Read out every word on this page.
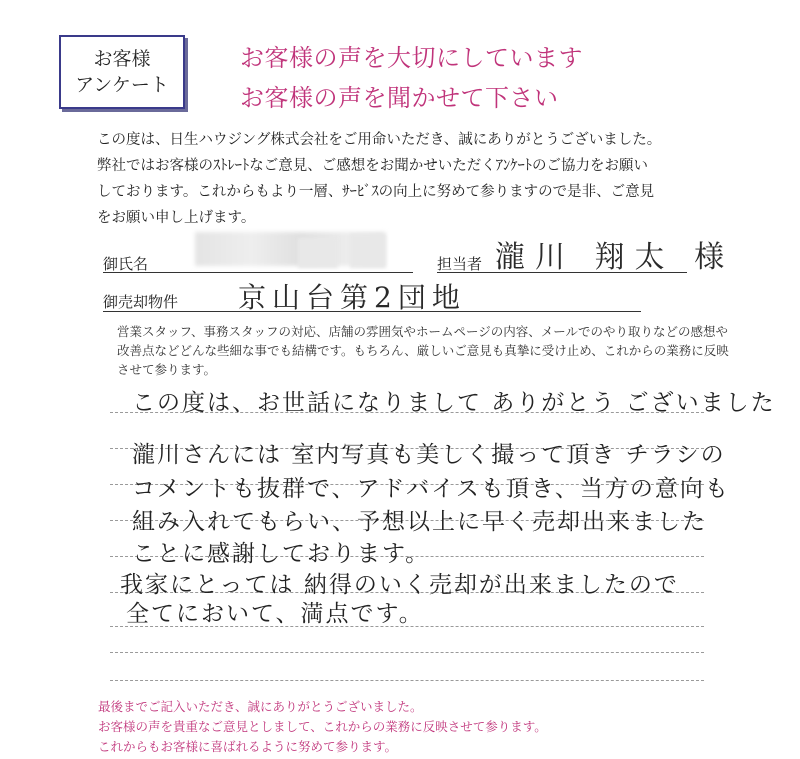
お客様
アンケート
お客様の声を大切にしています
お客様の声を聞かせて下さい
この度は、日生ハウジング株式会社をご用命いただき、誠にありがとうございました。
弊社ではお客様のｽﾄﾚｰﾄなご意見、ご感想をお聞かせいただくｱﾝｹｰﾄのご協力をお願い
しております。これからもより一層、ｻｰﾋﾞｽの向上に努めて参りますので是非、ご意見
をお願い申し上げます。
御氏名	担当者 瀧川 翔太 様
御売却物件 京山台第2団地
営業スタッフ、事務スタッフの対応、店舗の雰囲気やホームページの内容、メールでのやり取りなどの感想や
改善点などどんな些細な事でも結構です。もちろん、厳しいご意見も真摯に受け止め、これからの業務に反映
させて参ります。
この度は、お世話になりまして ありがとう ございました
瀧川さんには 室内写真も美しく撮って頂き チラシの
コメントも抜群で、アドバイスも頂き、当方の意向も
組み入れてもらい、予想以上に早く売却出来ました
ことに感謝しております。
我家にとっては 納得のいく売却が出来ましたので
全てにおいて、満点です。
最後までご記入いただき、誠にありがとうございました。
お客様の声を貴重なご意見としまして、これからの業務に反映させて参ります。
これからもお客様に喜ばれるように努めて参ります。
